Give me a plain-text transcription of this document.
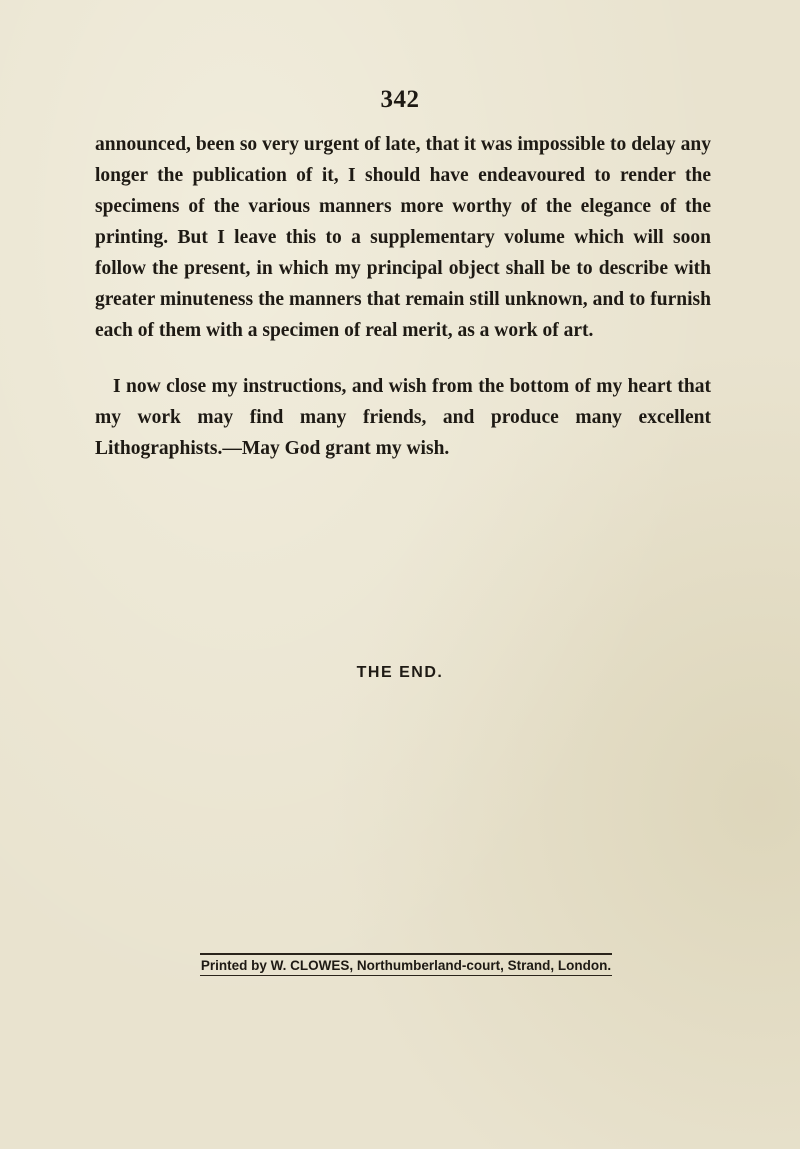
342

announced, been so very urgent of late, that it was impossible to delay any longer the publication of it, I should have endeavoured to render the specimens of the various manners more worthy of the elegance of the printing. But I leave this to a supplementary volume which will soon follow the present, in which my principal object shall be to describe with greater minuteness the manners that remain still unknown, and to furnish each of them with a specimen of real merit, as a work of art.

I now close my instructions, and wish from the bottom of my heart that my work may find many friends, and produce many excellent Lithographists.—May God grant my wish.

THE END.
Printed by W. CLOWES, Northumberland-court, Strand, London.
